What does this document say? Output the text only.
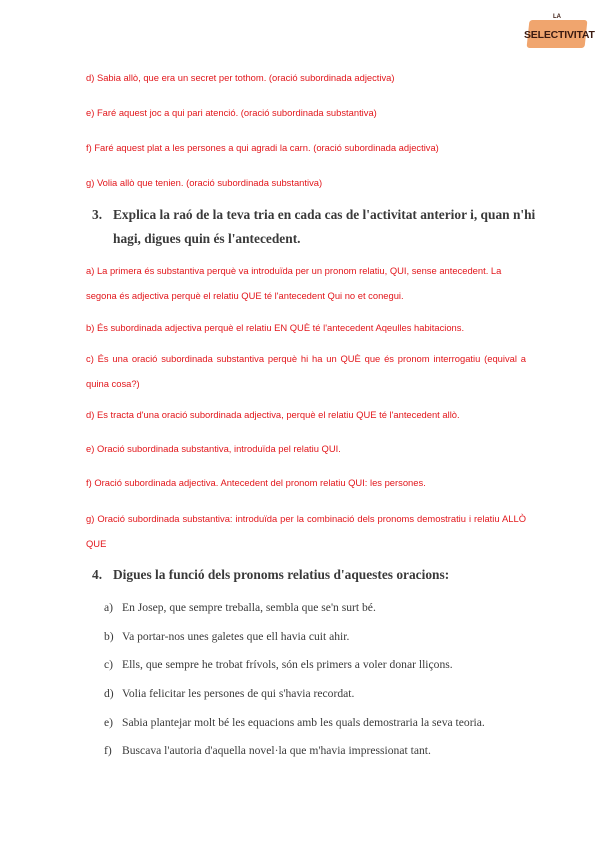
LA
SELECTIVITAT

d) Sabia allò, que era un secret per tothom. (oració subordinada adjectiva)

e) Faré aquest joc a qui pari atenció. (oració subordinada substantiva)

f) Faré aquest plat a les persones a qui agradi la carn. (oració subordinada adjectiva)

g) Volia allò que tenien. (oració subordinada substantiva)

3. Explica la raó de la teva tria en cada cas de l'activitat anterior i, quan n'hi

hagi, digues quin és l'antecedent.

a) La primera és substantiva perquè va introduïda per un pronom relatiu, QUI, sense antecedent. La segona és adjectiva perquè el relatiu QUE té l'antecedent Qui no et conegui.

b) És subordinada adjectiva perquè el relatiu EN QUÈ té l'antecedent Aqeulles habitacions.

c) És una oració subordinada substantiva perquè hi ha un QUÈ que és pronom interrogatiu (equival a quina cosa?)

d) Es tracta d'una oració subordinada adjectiva, perquè el relatiu QUE té l'antecedent allò.

e) Oració subordinada substantiva, introduïda pel relatiu QUI.

f) Oració subordinada adjectiva. Antecedent del pronom relatiu QUI: les persones.

g) Oració subordinada substantiva: introduïda per la combinació dels pronoms demostratiu i relatiu ALLÒ QUE

4. Digues la funció dels pronoms relatius d'aquestes oracions:

a) En Josep, que sempre treballa, sembla que se'n surt bé.

b) Va portar-nos unes galetes que ell havia cuit ahir.

c) Ells, que sempre he trobat frívols, són els primers a voler donar lliçons.

d) Volia felicitar les persones de qui s'havia recordat.

e) Sabia plantejar molt bé les equacions amb les quals demostraria la seva teoria.

f) Buscava l'autoria d'aquella novel·la que m'havia impressionat tant.
